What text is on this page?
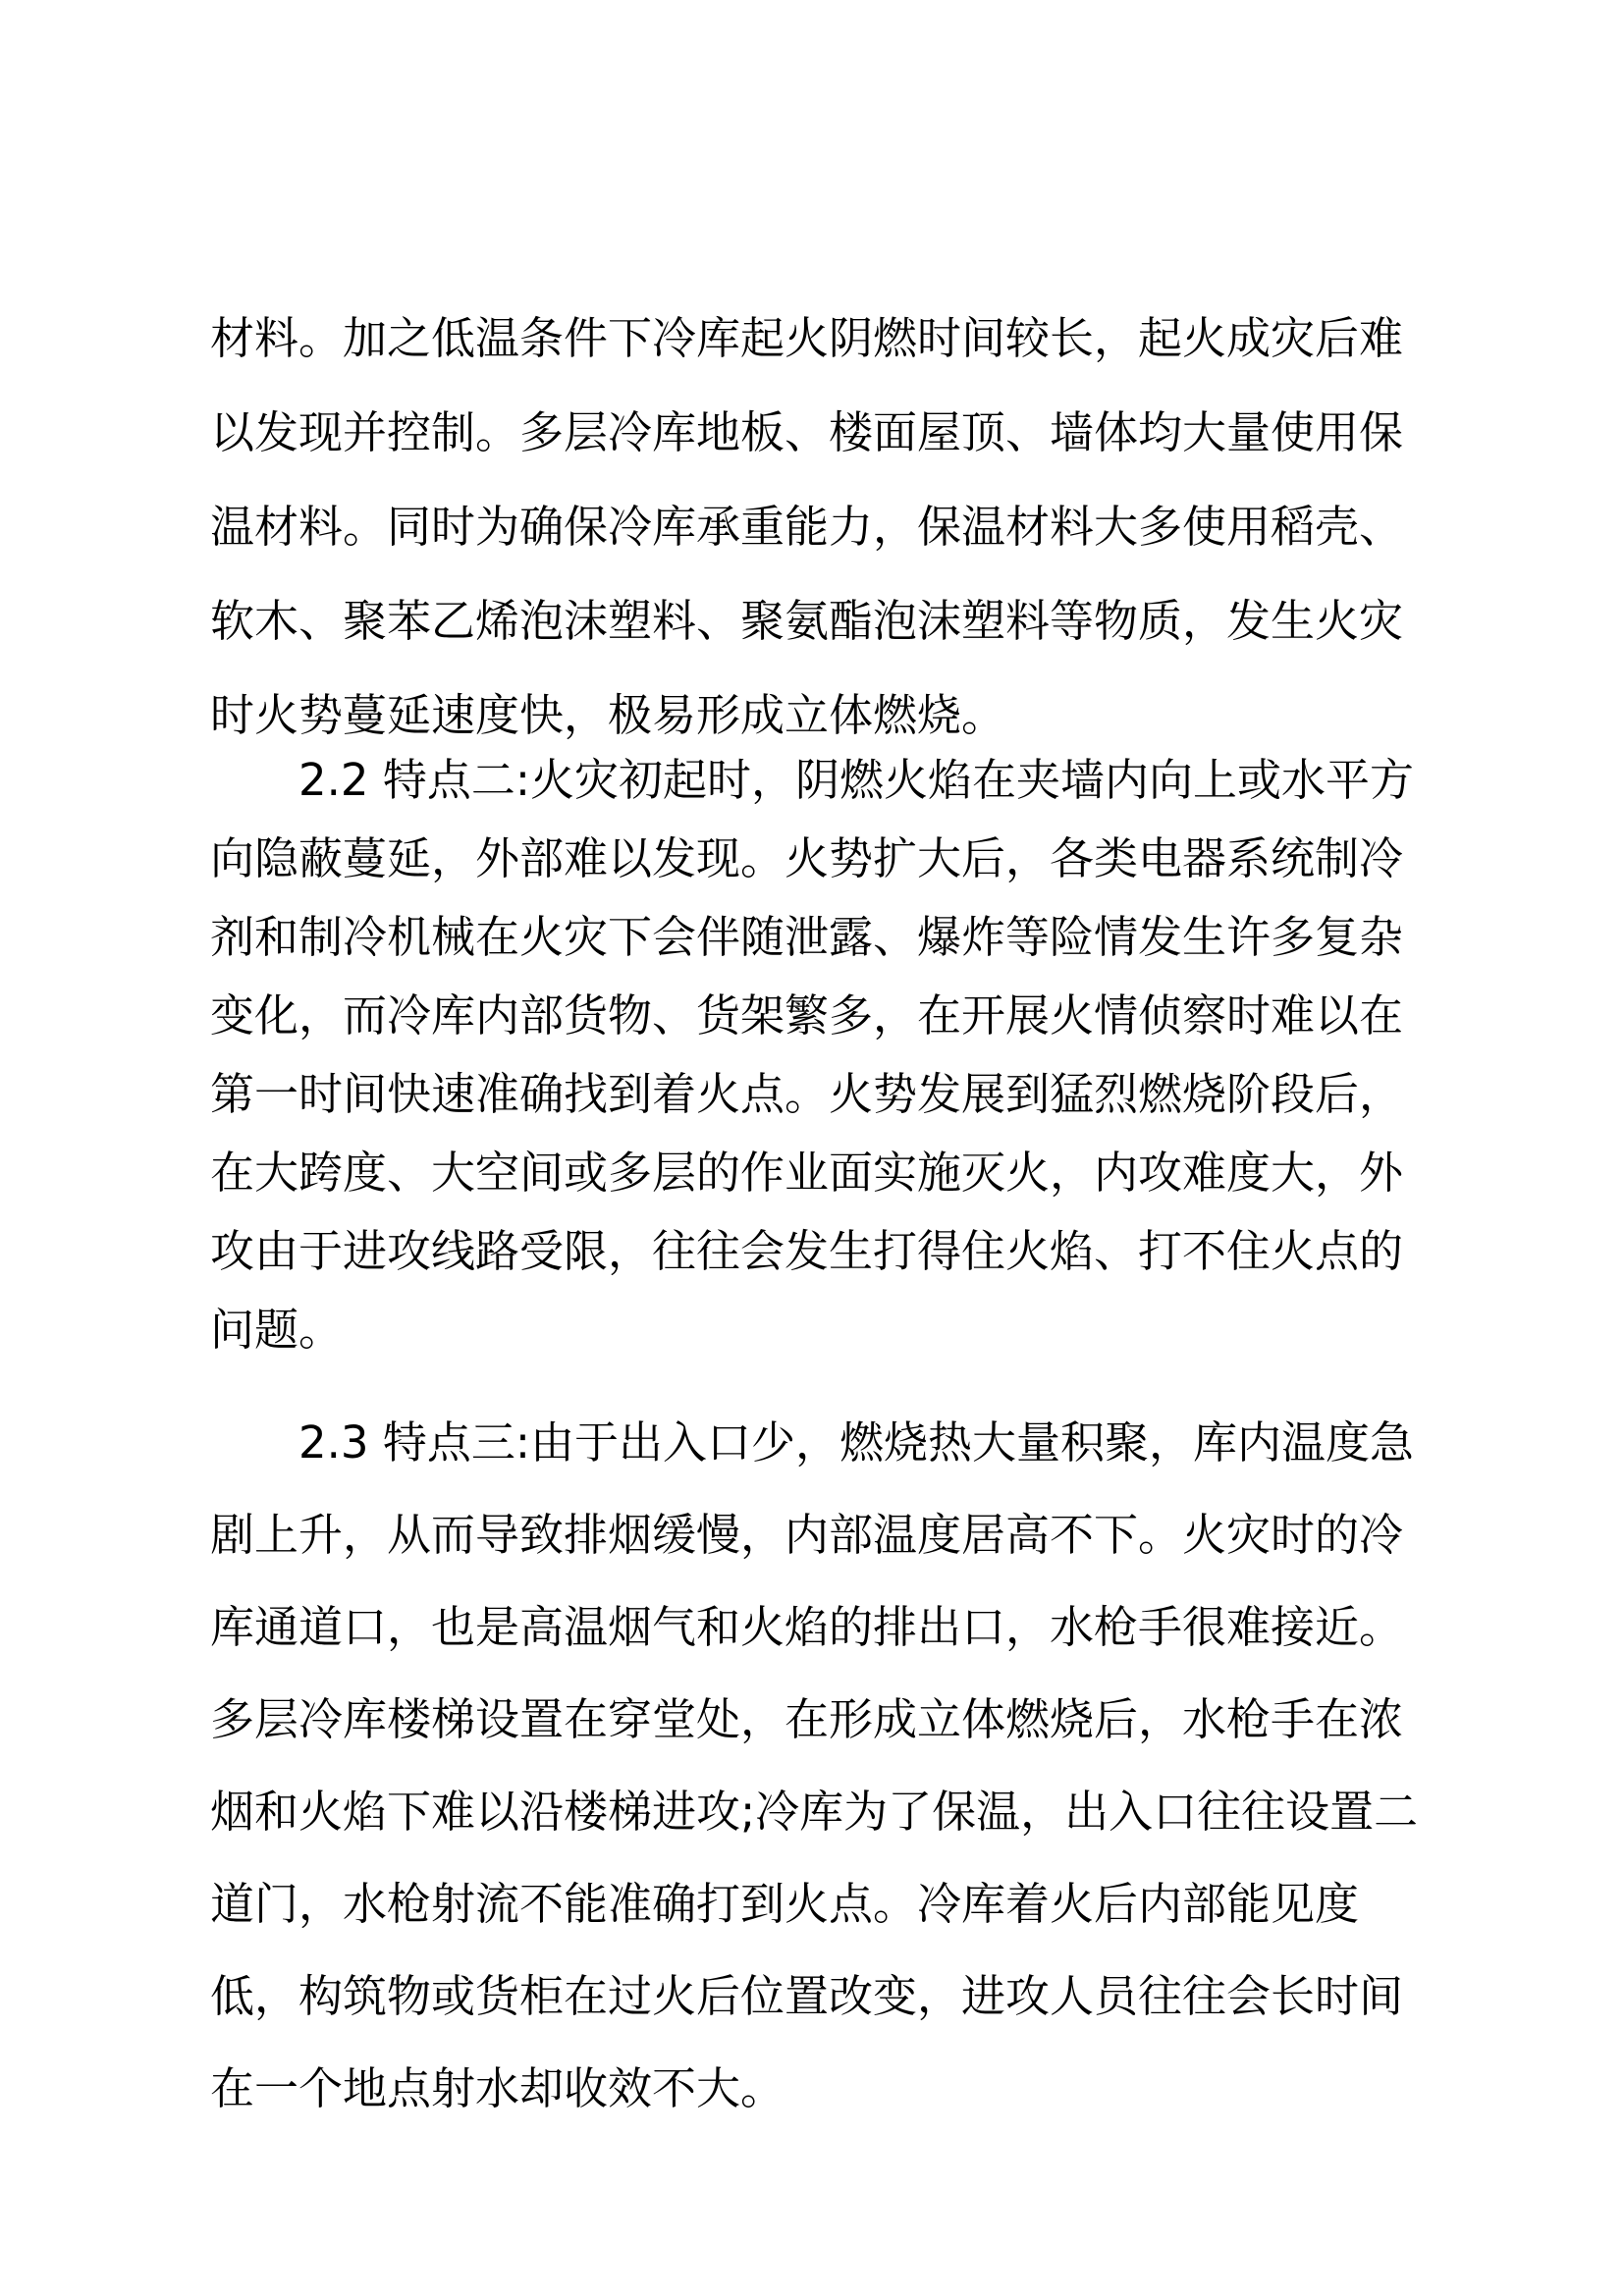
材料。加之低温条件下冷库起火阴燃时间较长，起火成灾后难
以发现并控制。多层冷库地板、楼面屋顶、墙体均大量使用保
温材料。同时为确保冷库承重能力，保温材料大多使用稻壳、
软木、聚苯乙烯泡沫塑料、聚氨酯泡沫塑料等物质，发生火灾
时火势蔓延速度快，极易形成立体燃烧。
2.2 特点二:火灾初起时，阴燃火焰在夹墙内向上或水平方
向隐蔽蔓延，外部难以发现。火势扩大后，各类电器系统制冷
剂和制冷机械在火灾下会伴随泄露、爆炸等险情发生许多复杂
变化，而冷库内部货物、货架繁多，在开展火情侦察时难以在
第一时间快速准确找到着火点。火势发展到猛烈燃烧阶段后，
在大跨度、大空间或多层的作业面实施灭火，内攻难度大，外
攻由于进攻线路受限，往往会发生打得住火焰、打不住火点的
问题。
2.3 特点三:由于出入口少，燃烧热大量积聚，库内温度急
剧上升，从而导致排烟缓慢，内部温度居高不下。火灾时的冷
库通道口，也是高温烟气和火焰的排出口，水枪手很难接近。
多层冷库楼梯设置在穿堂处，在形成立体燃烧后，水枪手在浓
烟和火焰下难以沿楼梯进攻;冷库为了保温，出入口往往设置二
道门，水枪射流不能准确打到火点。冷库着火后内部能见度
低，构筑物或货柜在过火后位置改变，进攻人员往往会长时间
在一个地点射水却收效不大。
